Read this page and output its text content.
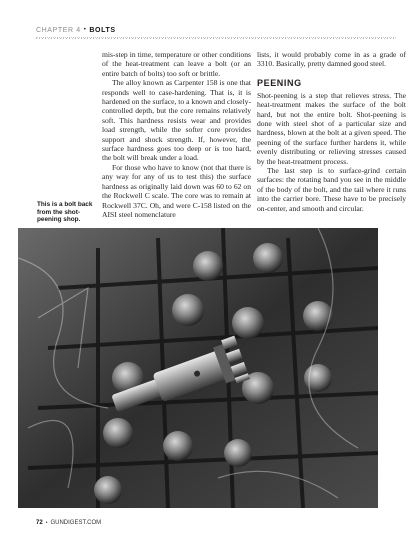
CHAPTER 4 • BOLTS

mis-step in time, temperature or other conditions of the heat-treatment can leave a bolt (or an entire batch of bolts) too soft or brittle.

The alloy known as Carpenter 158 is one that responds well to case-hardening. That is, it is hardened on the surface, to a known and closely-controlled depth, but the core remains relatively soft. This hardness resists wear and provides load strength, while the softer core provides support and shock strength. If, however, the surface hardness goes too deep or is too hard, the bolt will break under a load.

For those who have to know (not that there is any way for any of us to test this) the surface hardness as originally laid down was 60 to 62 on the Rockwell C scale. The core was to remain at Rockwell 37C. Oh, and were C-158 listed on the AISI steel nomenclature

lists, it would probably come in as a grade of 3310. Basically, pretty damned good steel.

PEENING

Shot-peening is a step that relieves stress. The heat-treatment makes the surface of the bolt hard, but not the entire bolt. Shot-peening is done with steel shot of a particular size and hardness, blown at the bolt at a given speed. The peening of the surface further hardens it, while evenly distributing or relieving stresses caused by the heat-treatment process.

The last step is to surface-grind certain surfaces: the rotating band you see in the middle of the body of the bolt, and the tail where it runs into the carrier bore. These have to be precisely on-center, and smooth and circular.

This is a bolt back from the shot-peening shop.
72 • GUNDIGEST.COM
